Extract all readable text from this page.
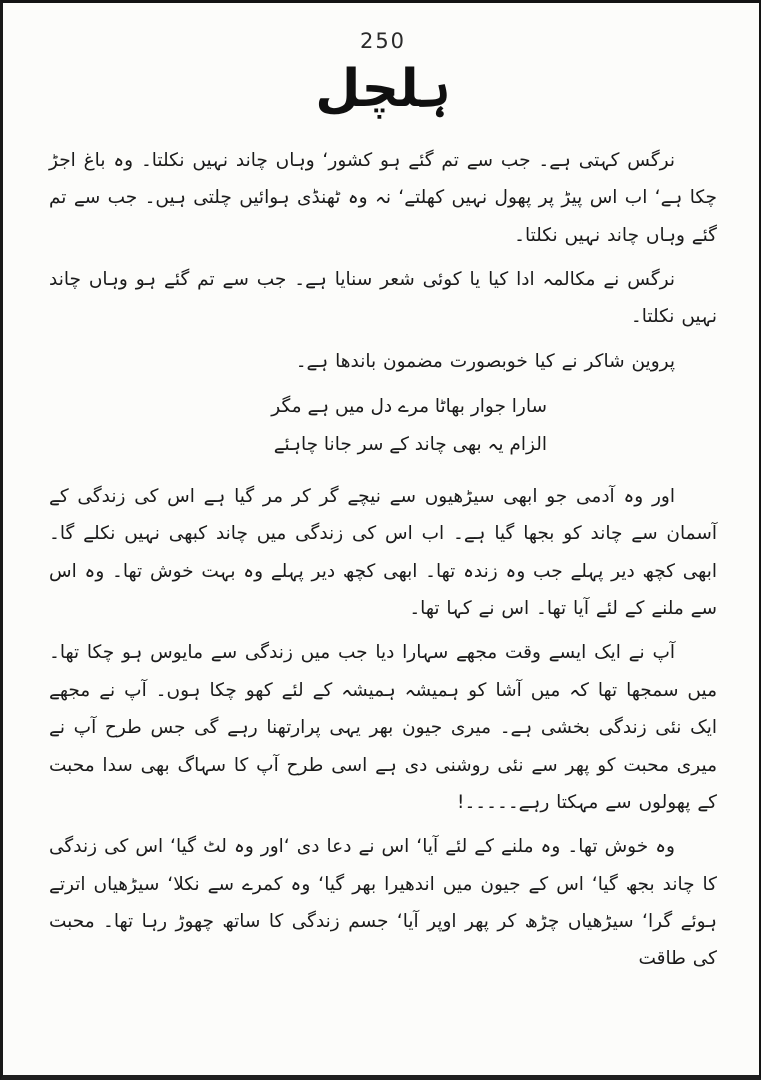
250
ہلچل

نرگس کہتی ہے۔ جب سے تم گئے ہو کشور‘ وہاں چاند نہیں نکلتا۔ وہ باغ اجڑ چکا ہے‘ اب اس پیڑ پر پھول نہیں کھلتے‘ نہ وہ ٹھنڈی ہوائیں چلتی ہیں۔ جب سے تم گئے وہاں چاند نہیں نکلتا۔

نرگس نے مکالمہ ادا کیا یا کوئی شعر سنایا ہے۔ جب سے تم گئے ہو وہاں چاند نہیں نکلتا۔

پروین شاکر نے کیا خوبصورت مضمون باندھا ہے۔

سارا جوار بھاٹا مرے دل میں ہے مگر
الزام یہ بھی چاند کے سر جانا چاہئے

اور وہ آدمی جو ابھی سیڑھیوں سے نیچے گر کر مر گیا ہے اس کی زندگی کے آسمان سے چاند کو بجھا گیا ہے۔ اب اس کی زندگی میں چاند کبھی نہیں نکلے گا۔ ابھی کچھ دیر پہلے جب وہ زندہ تھا۔ ابھی کچھ دیر پہلے وہ بہت خوش تھا۔ وہ اس سے ملنے کے لئے آیا تھا۔ اس نے کہا تھا۔

آپ نے ایک ایسے وقت مجھے سہارا دیا جب میں زندگی سے مایوس ہو چکا تھا۔ میں سمجھا تھا کہ میں آشا کو ہمیشہ ہمیشہ کے لئے کھو چکا ہوں۔ آپ نے مجھے ایک نئی زندگی بخشی ہے۔ میری جیون بھر یہی پرارتھنا رہے گی جس طرح آپ نے میری محبت کو پھر سے نئی روشنی دی ہے اسی طرح آپ کا سہاگ بھی سدا محبت کے پھولوں سے مہکتا رہے۔۔۔۔۔!

وہ خوش تھا۔ وہ ملنے کے لئے آیا‘ اس نے دعا دی ‘اور وہ لٹ گیا‘ اس کی زندگی کا چاند بجھ گیا‘ اس کے جیون میں اندھیرا بھر گیا‘ وہ کمرے سے نکلا‘ سیڑھیاں اترتے ہوئے گرا‘ سیڑھیاں چڑھ کر پھر اوپر آیا‘ جسم زندگی کا ساتھ چھوڑ رہا تھا۔ محبت کی طاقت
